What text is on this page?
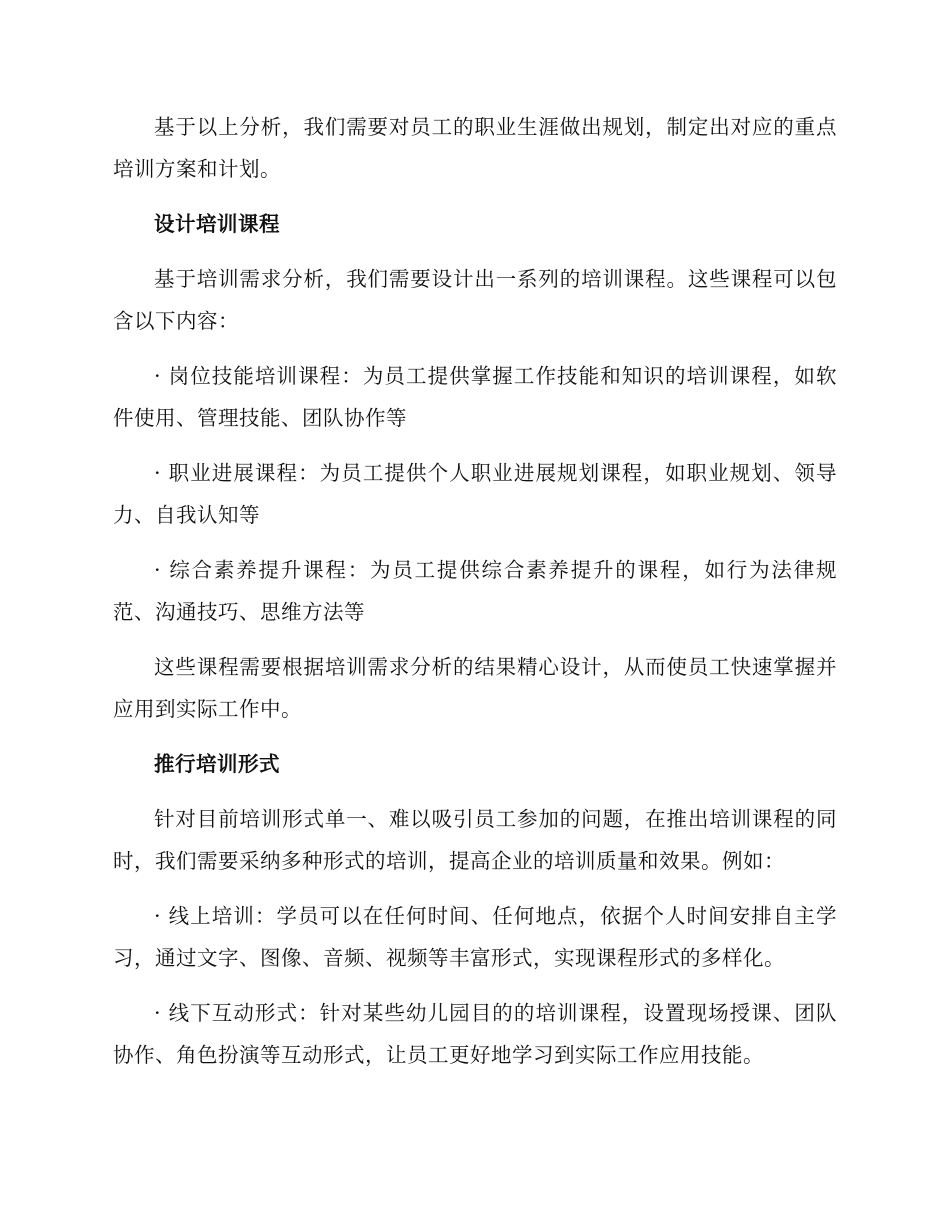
基于以上分析，我们需要对员工的职业生涯做出规划，制定出对应的重点培训方案和计划。

设计培训课程

基于培训需求分析，我们需要设计出一系列的培训课程。这些课程可以包含以下内容：

· 岗位技能培训课程：为员工提供掌握工作技能和知识的培训课程，如软件使用、管理技能、团队协作等

· 职业进展课程：为员工提供个人职业进展规划课程，如职业规划、领导力、自我认知等

· 综合素养提升课程：为员工提供综合素养提升的课程，如行为法律规范、沟通技巧、思维方法等

这些课程需要根据培训需求分析的结果精心设计，从而使员工快速掌握并应用到实际工作中。

推行培训形式

针对目前培训形式单一、难以吸引员工参加的问题，在推出培训课程的同时，我们需要采纳多种形式的培训，提高企业的培训质量和效果。例如：

· 线上培训：学员可以在任何时间、任何地点，依据个人时间安排自主学习，通过文字、图像、音频、视频等丰富形式，实现课程形式的多样化。

· 线下互动形式：针对某些幼儿园目的的培训课程，设置现场授课、团队协作、角色扮演等互动形式，让员工更好地学习到实际工作应用技能。
